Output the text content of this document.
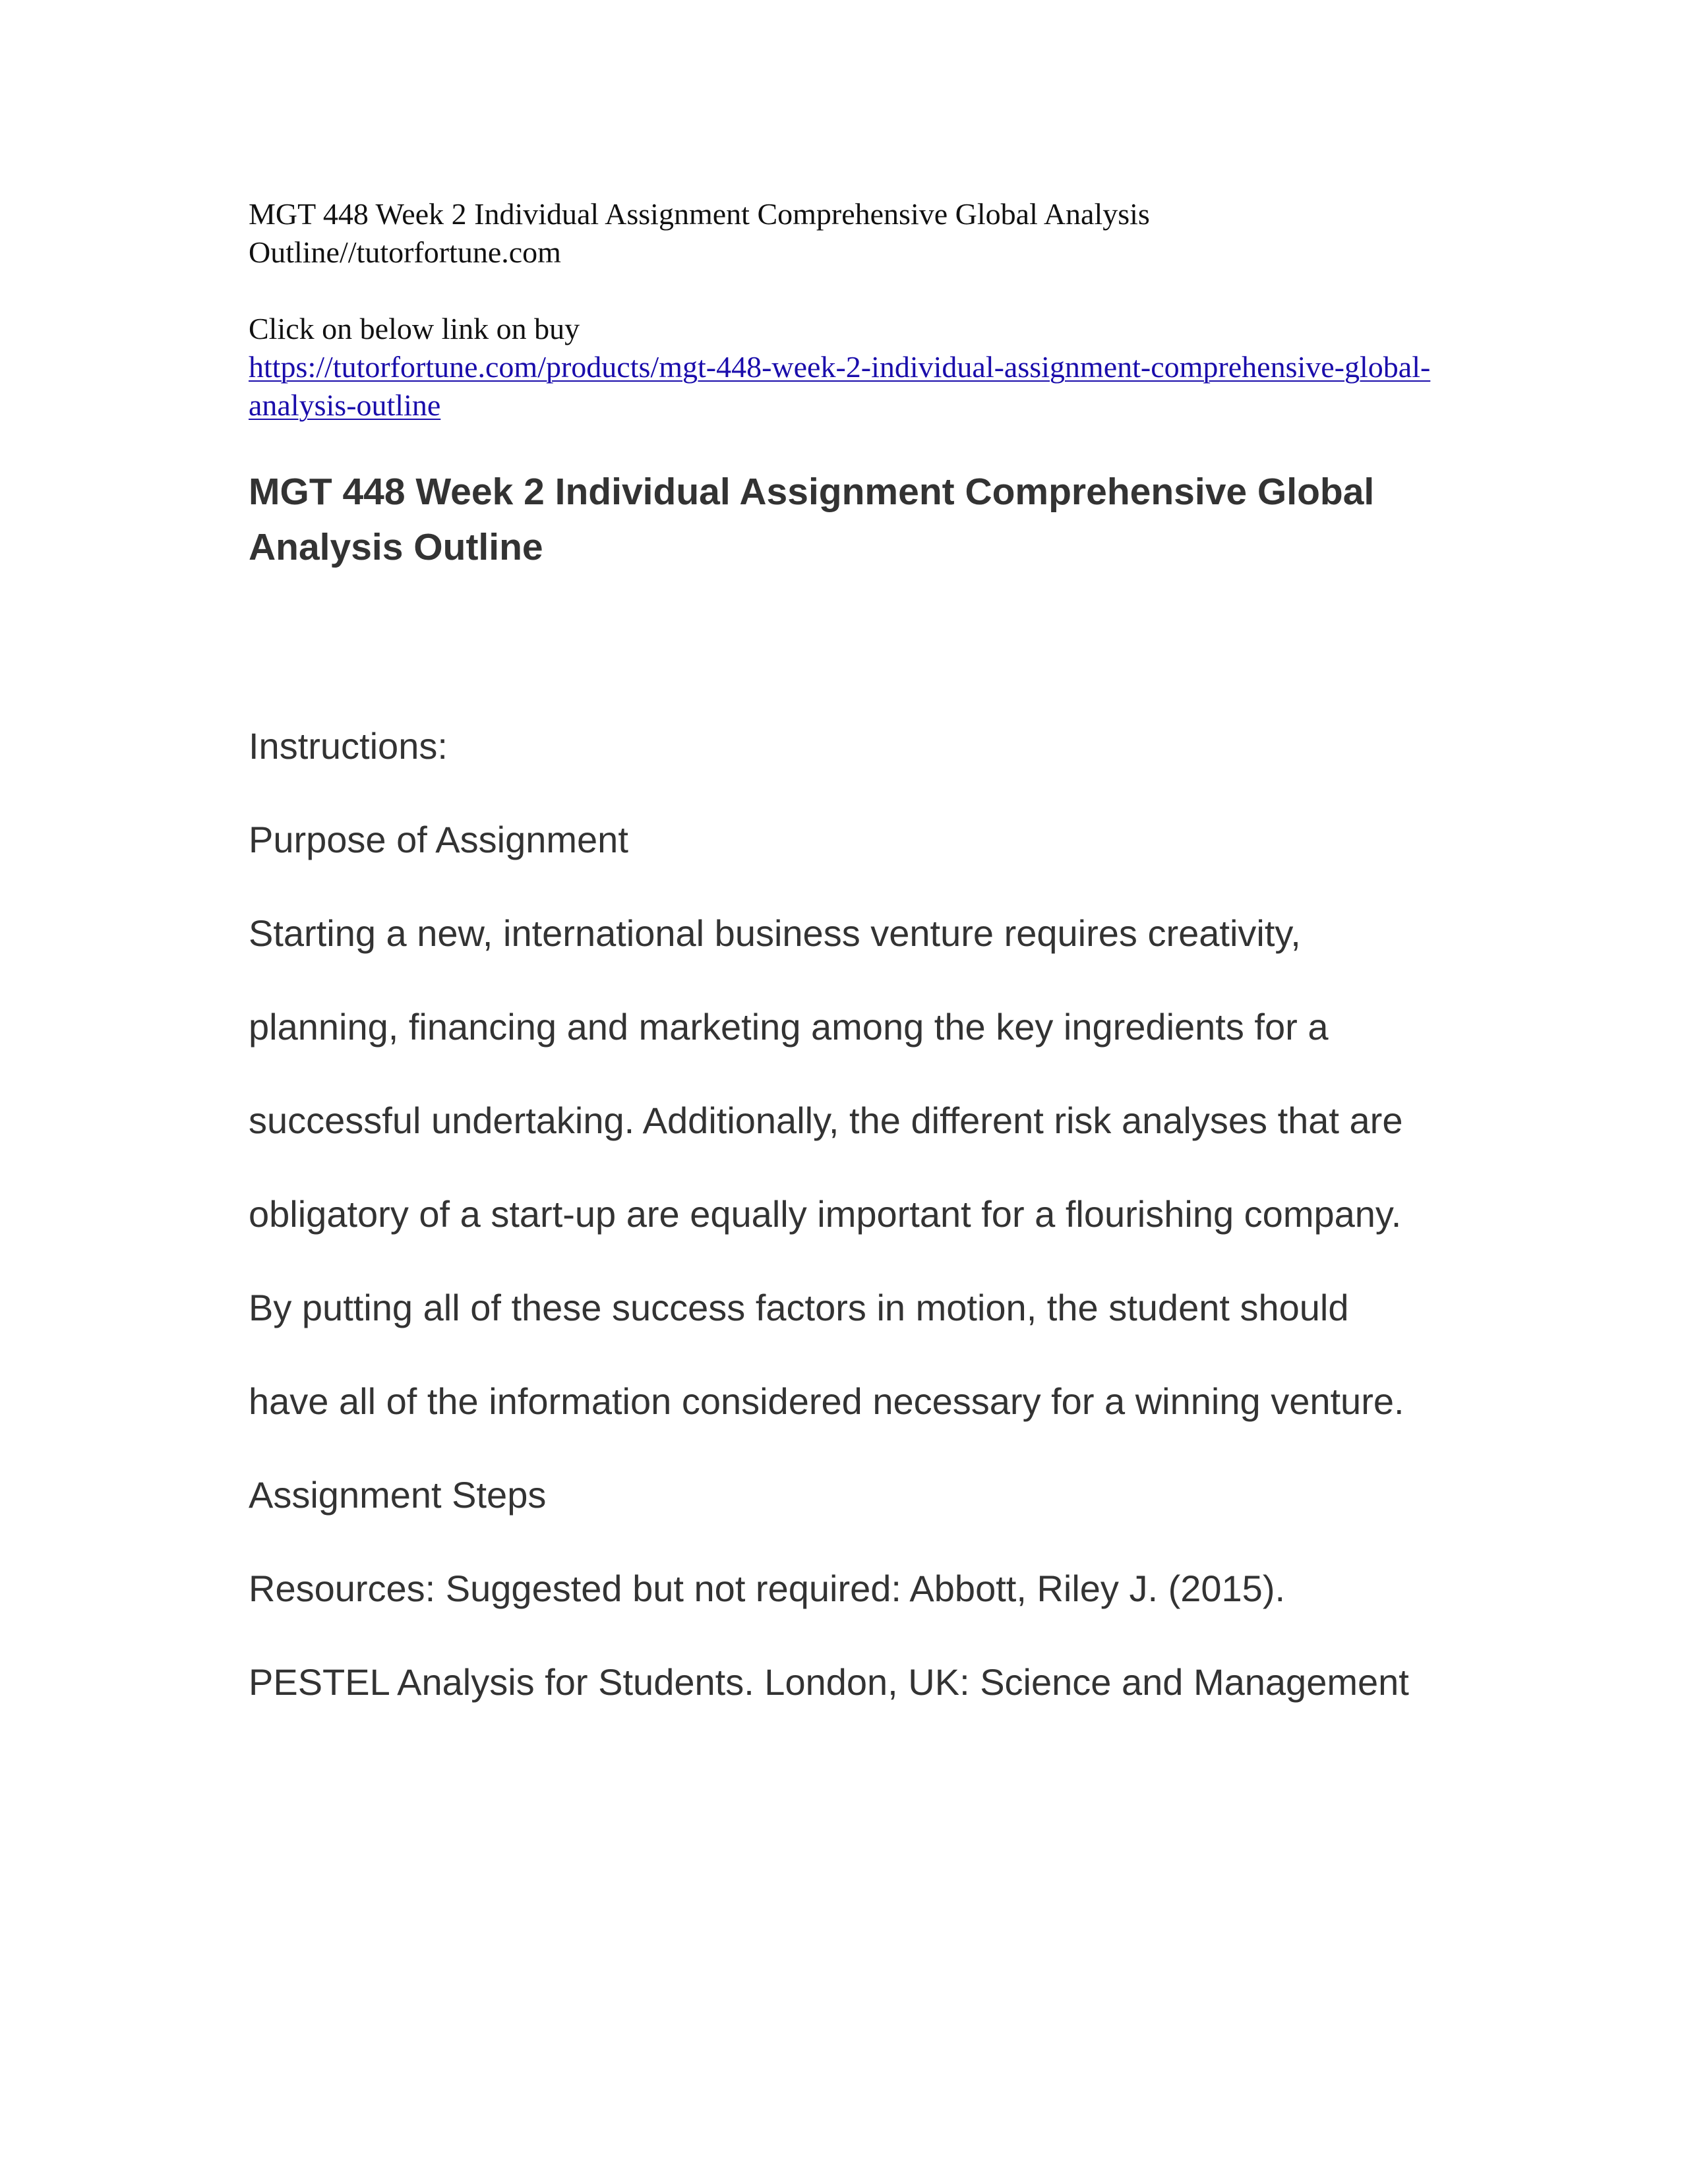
MGT 448 Week 2 Individual Assignment Comprehensive Global Analysis Outline//tutorfortune.com

Click on below link on buy

https://tutorfortune.com/products/mgt-448-week-2-individual-assignment-comprehensive-global-analysis-outline

MGT 448 Week 2 Individual Assignment Comprehensive Global Analysis Outline

Instructions:

Purpose of Assignment

Starting a new, international business venture requires creativity,

planning, financing and marketing among the key ingredients for a

successful undertaking. Additionally, the different risk analyses that are

obligatory of a start-up are equally important for a flourishing company.

By putting all of these success factors in motion, the student should

have all of the information considered necessary for a winning venture.

Assignment Steps

Resources: Suggested but not required: Abbott, Riley J. (2015).

PESTEL Analysis for Students. London, UK: Science and Management
